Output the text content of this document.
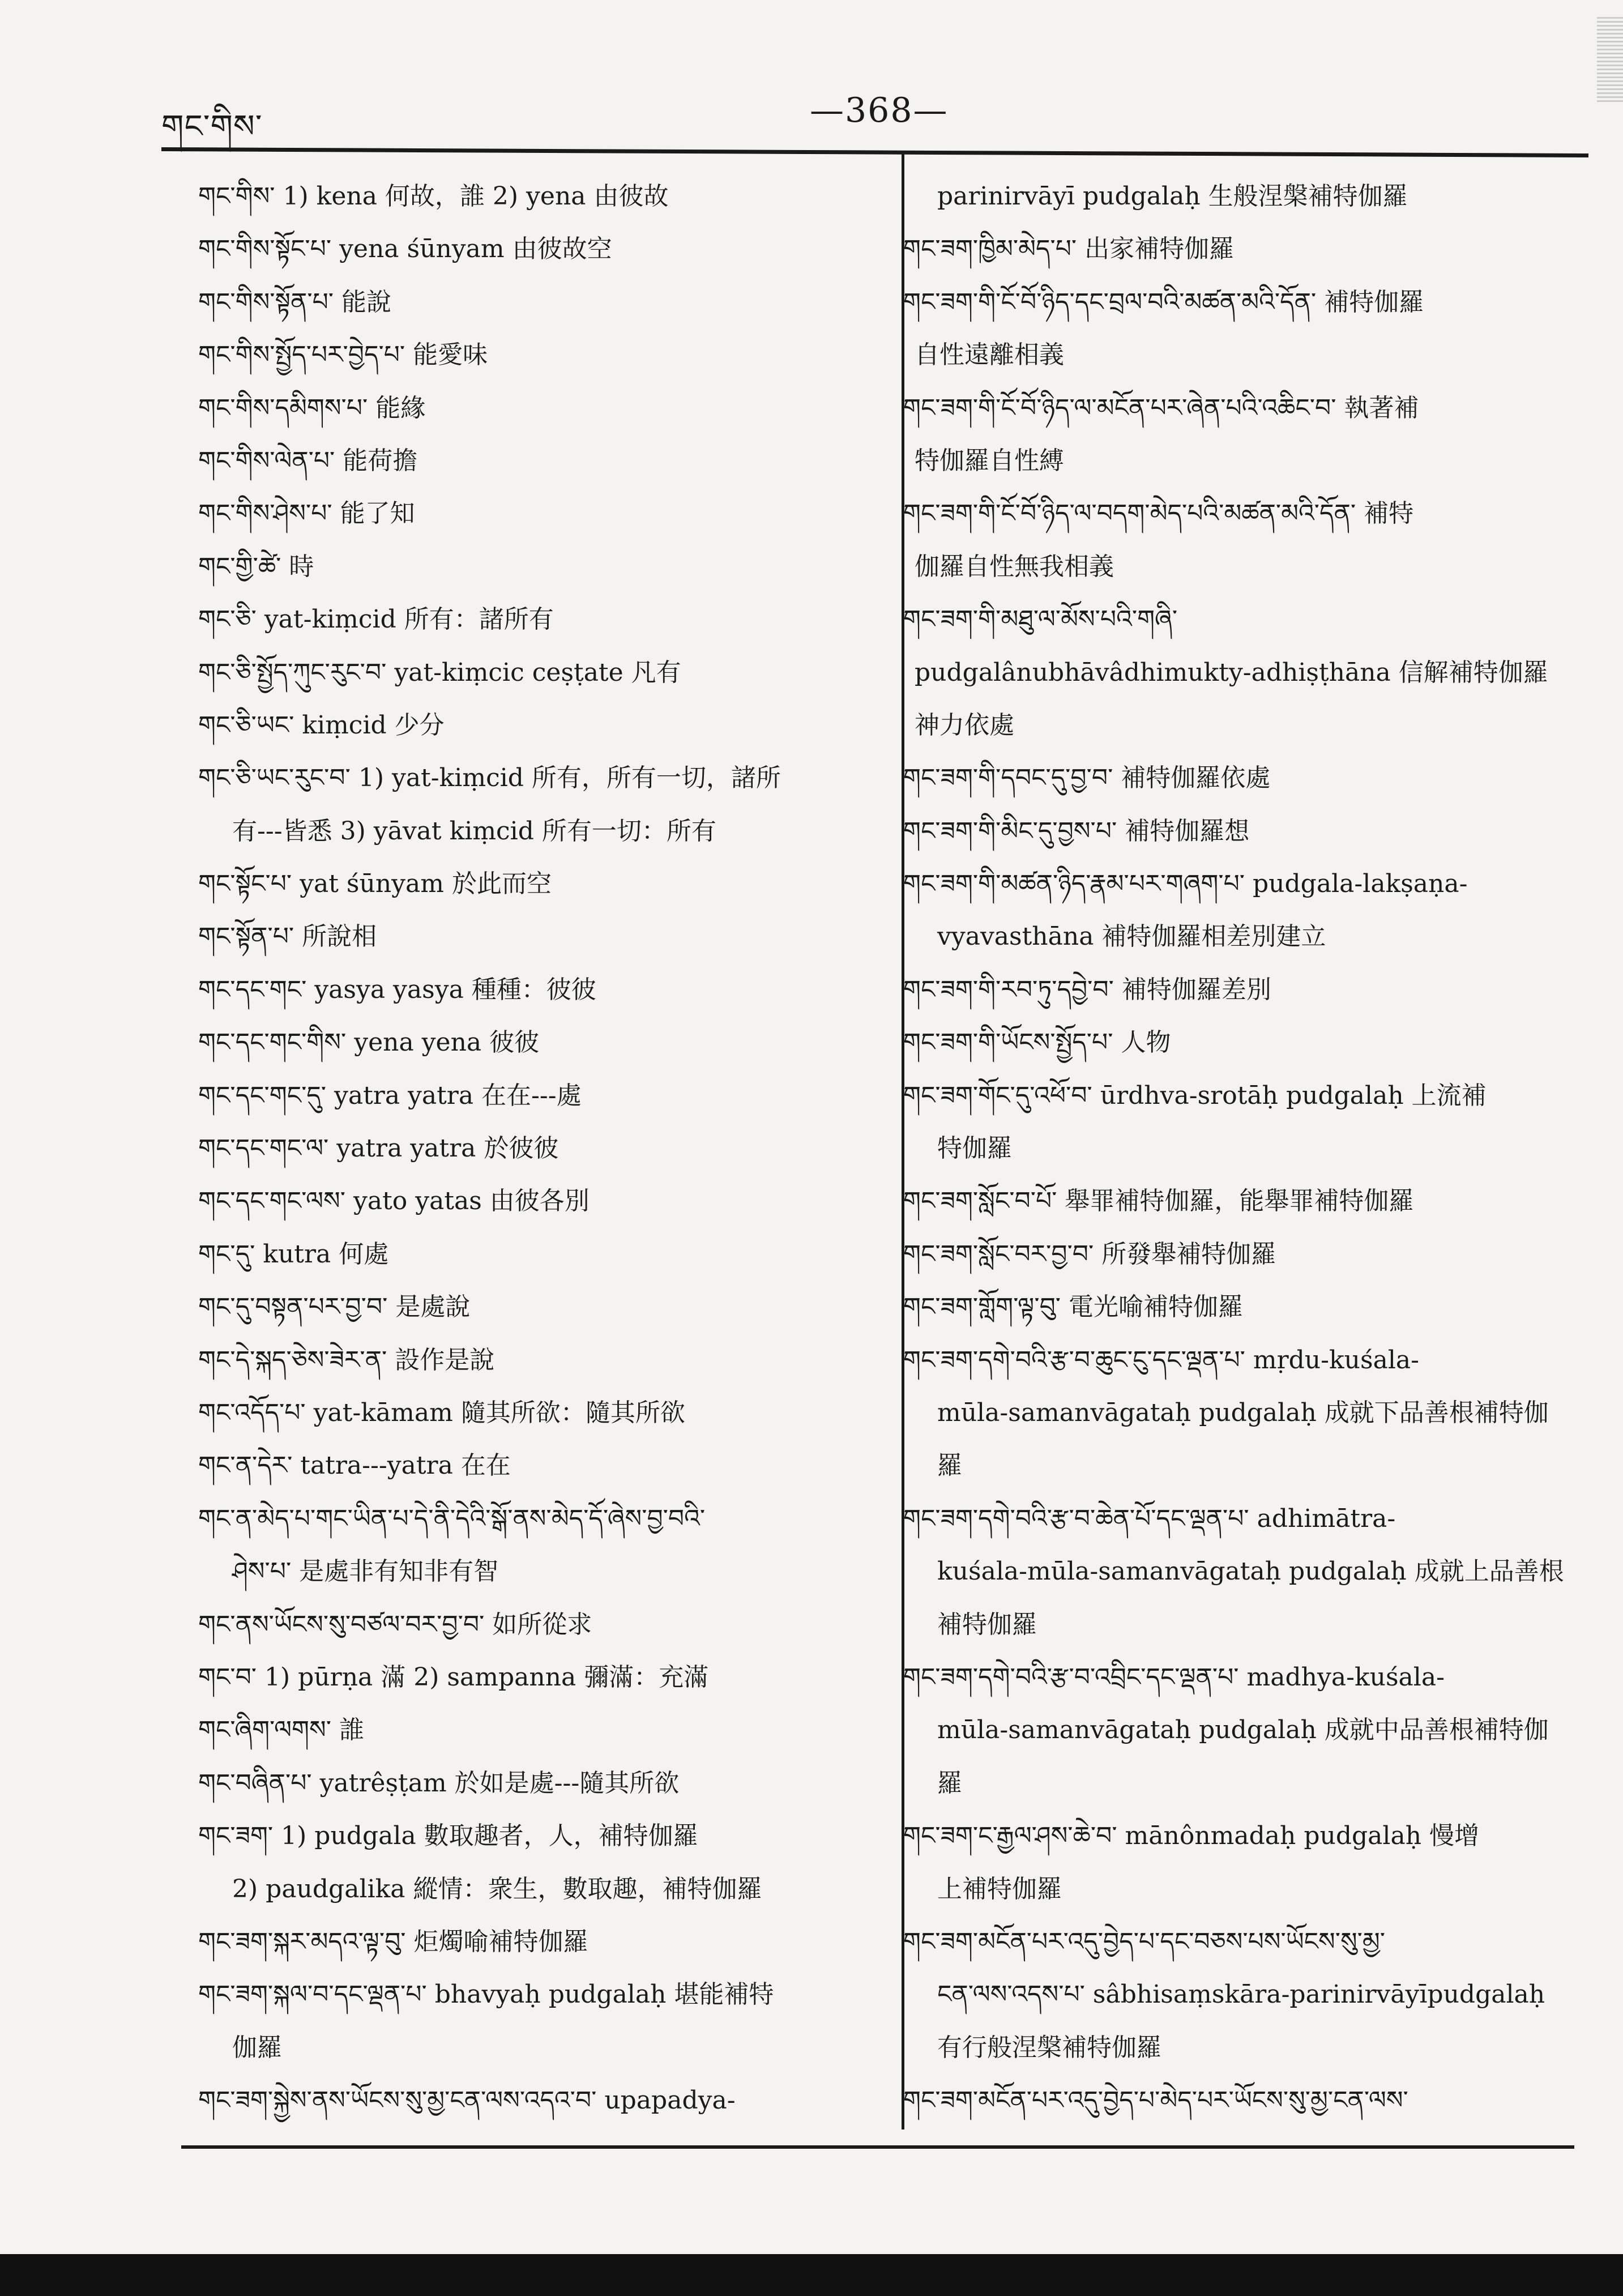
གང་གིས་	—368—
གང་གིས་ 1) kena 何故，誰 2) yena 由彼故
གང་གིས་སྟོང་པ་ yena śūnyam 由彼故空
གང་གིས་སྟོན་པ་ 能說
གང་གིས་སྤྱོད་པར་བྱེད་པ་ 能愛味
གང་གིས་དམིགས་པ་ 能緣
གང་གིས་ལེན་པ་ 能荷擔
གང་གིས་ཤེས་པ་ 能了知
གང་གྱི་ཚེ་ 時
གང་ཅི་ yat-kiṃcid 所有：諸所有
གང་ཅི་སྤྱོད་ཀུང་རུང་བ་ yat-kiṃcic ceṣṭate 凡有
གང་ཅི་ཡང་ kiṃcid 少分
གང་ཅི་ཡང་རུང་བ་ 1) yat-kiṃcid 所有，所有一切，諸所
有---皆悉 3) yāvat kiṃcid 所有一切：所有
གང་སྟོང་པ་ yat śūnyam 於此而空
གང་སྟོན་པ་ 所說相
གང་དང་གང་ yasya yasya 種種：彼彼
གང་དང་གང་གིས་ yena yena 彼彼
གང་དང་གང་དུ་ yatra yatra 在在---處
གང་དང་གང་ལ་ yatra yatra 於彼彼
གང་དང་གང་ལས་ yato yatas 由彼各別
གང་དུ་ kutra 何處
གང་དུ་བསྟན་པར་བྱ་བ་ 是處說
གང་དེ་སྐད་ཅེས་ཟེར་ན་ 設作是說
གང་འདོད་པ་ yat-kāmam 隨其所欲：隨其所欲
གང་ན་དེར་ tatra---yatra 在在
གང་ན་མེད་པ་གང་ཡིན་པ་དེ་ནི་དེའི་སྒོ་ནས་མེད་དོ་ཞེས་བྱ་བའི་
ཤེས་པ་ 是處非有知非有智
གང་ནས་ཡོངས་སུ་བཙལ་བར་བྱ་བ་ 如所從求
གང་བ་ 1) pūrṇa 滿 2) sampanna 彌滿：充滿
གང་ཞིག་ལགས་ 誰
གང་བཞིན་པ་ yatrêṣṭam 於如是處---隨其所欲
གང་ཟག་ 1) pudgala 數取趣者，人，補特伽羅
2) paudgalika 縱情：衆生，數取趣，補特伽羅
གང་ཟག་སྐར་མདའ་ལྟ་བུ་ 炬燭喻補特伽羅
གང་ཟག་སྐལ་བ་དང་ལྡན་པ་ bhavyaḥ pudgalaḥ 堪能補特
伽羅
གང་ཟག་སྐྱེས་ནས་ཡོངས་སུ་མྱ་ངན་ལས་འདའ་བ་ upapadya-
parinirvāyī pudgalaḥ 生般涅槃補特伽羅
གང་ཟག་ཁྱིམ་མེད་པ་ 出家補特伽羅
གང་ཟག་གི་ངོ་བོ་ཉིད་དང་བྲལ་བའི་མཚན་མའི་དོན་ 補特伽羅
自性遠離相義
གང་ཟག་གི་ངོ་བོ་ཉིད་ལ་མངོན་པར་ཞེན་པའི་འཆིང་བ་ 執著補
特伽羅自性縛
གང་ཟག་གི་ངོ་བོ་ཉིད་ལ་བདག་མེད་པའི་མཚན་མའི་དོན་ 補特
伽羅自性無我相義
གང་ཟག་གི་མཐུ་ལ་མོས་པའི་གཞི་
pudgalânubhāvâdhimukty-adhiṣṭhāna 信解補特伽羅
神力依處
གང་ཟག་གི་དབང་དུ་བྱ་བ་ 補特伽羅依處
གང་ཟག་གི་མིང་དུ་བྱས་པ་ 補特伽羅想
གང་ཟག་གི་མཚན་ཉིད་རྣམ་པར་གཞག་པ་ pudgala-lakṣaṇa-
vyavasthāna 補特伽羅相差別建立
གང་ཟག་གི་རབ་ཏུ་དབྱེ་བ་ 補特伽羅差別
གང་ཟག་གི་ཡོངས་སྤྱོད་པ་ 人物
གང་ཟག་གོང་དུ་འཕོ་བ་ ūrdhva-srotāḥ pudgalaḥ 上流補
特伽羅
གང་ཟག་སློང་བ་པོ་ 舉罪補特伽羅，能舉罪補特伽羅
གང་ཟག་སློང་བར་བྱ་བ་ 所發舉補特伽羅
གང་ཟག་གློག་ལྟ་བུ་ 電光喻補特伽羅
གང་ཟག་དགེ་བའི་རྩ་བ་ཆུང་ངུ་དང་ལྡན་པ་ mṛdu-kuśala-
mūla-samanvāgataḥ pudgalaḥ 成就下品善根補特伽
羅
གང་ཟག་དགེ་བའི་རྩ་བ་ཆེན་པོ་དང་ལྡན་པ་ adhimātra-
kuśala-mūla-samanvāgataḥ pudgalaḥ 成就上品善根
補特伽羅
གང་ཟག་དགེ་བའི་རྩ་བ་འབྲིང་དང་ལྡན་པ་ madhya-kuśala-
mūla-samanvāgataḥ pudgalaḥ 成就中品善根補特伽
羅
གང་ཟག་ང་རྒྱལ་ཤས་ཆེ་བ་ mānônmadaḥ pudgalaḥ 慢增
上補特伽羅
གང་ཟག་མངོན་པར་འདུ་བྱེད་པ་དང་བཅས་པས་ཡོངས་སུ་མྱ་
ངན་ལས་འདས་པ་ sâbhisaṃskāra-parinirvāyīpudgalaḥ
有行般涅槃補特伽羅
གང་ཟག་མངོན་པར་འདུ་བྱེད་པ་མེད་པར་ཡོངས་སུ་མྱ་ངན་ལས་
